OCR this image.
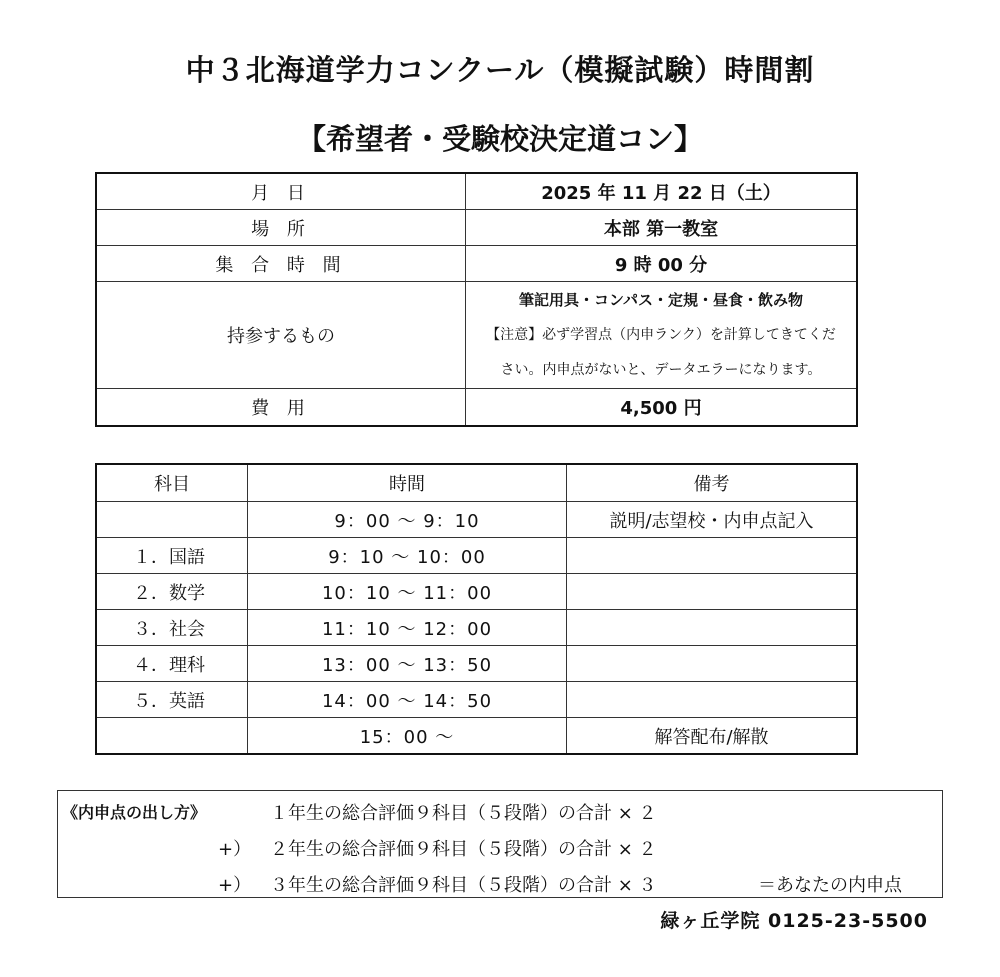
中３北海道学力コンクール（模擬試験）時間割
【希望者・受験校決定道コン】
月 日	2025 年 11 月 22 日（土）
場 所	本部 第一教室
集 合 時 間	9 時 00 分
持参するもの	筆記用具・コンパス・定規・昼食・飲み物
【注意】必ず学習点（内申ランク）を計算してきてくだ
さい。内申点がないと、データエラーになります。

費 用	4,500 円
科目	時間	備考
	9：00 ～ 9：10	説明/志望校・内申点記入
１．国語	9：10 ～ 10：00	
２．数学	10：10 ～ 11：00	
３．社会	11：10 ～ 12：00	
４．理科	13：00 ～ 13：50	
５．英語	14：00 ～ 14：50	
	15：00 ～	解答配布/解散
《内申点の出し方》	１年生の総合評価９科目（５段階）の合計 × ２
+） ２年生の総合評価９科目（５段階）の合計 × ２
+） ３年生の総合評価９科目（５段階）の合計 × ３	＝あなたの内申点
緑ヶ丘学院 0125-23-5500
